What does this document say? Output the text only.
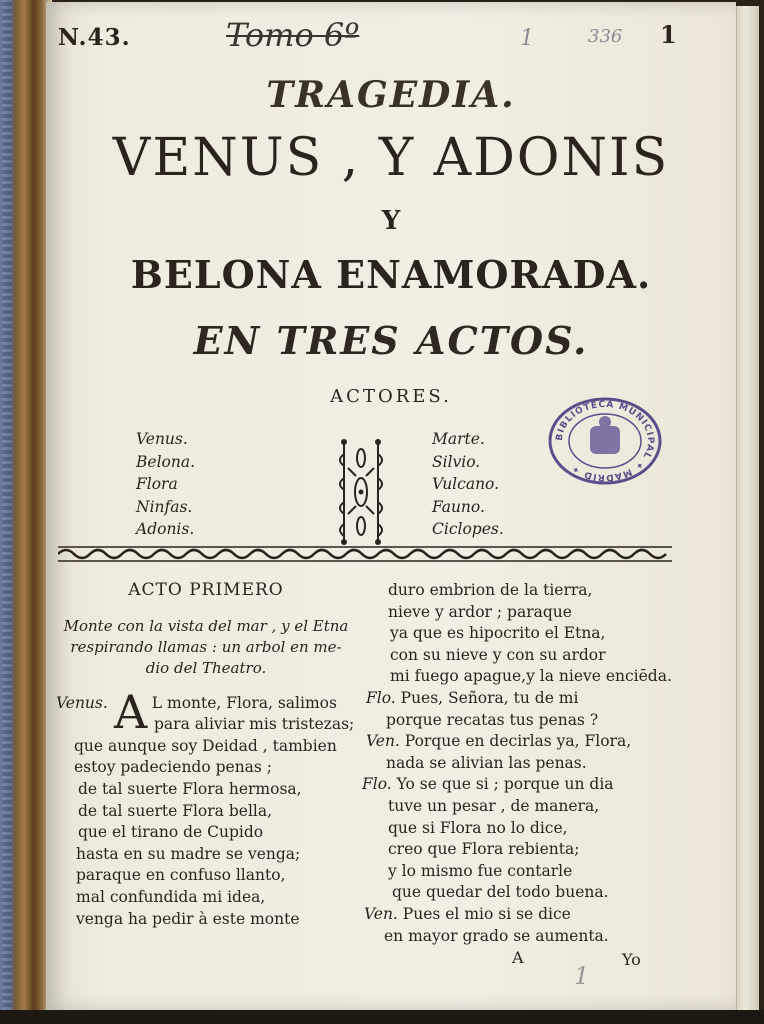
N.43.	Tomo 6º	1	336 1
TRAGEDIA.
VENUS , Y ADONIS
Y
BELONA ENAMORADA.
EN TRES ACTOS.
ACTORES.
Venus.
Belona.
Flora
Ninfas.
Adonis.
Marte.
Silvio.
Vulcano.
Fauno.
Ciclopes.
BIBLIOTECA MUNICIPAL ✦ MADRID ✦
ACTO PRIMERO
Monte con la vista del mar , y el Etna
respirando llamas : un arbol en me-
dio del Theatro.
A
Venus.	L monte, Flora, salimos
para aliviar mis tristezas;
que aunque soy Deidad , tambien
estoy padeciendo penas ;
de tal suerte Flora hermosa,
de tal suerte Flora bella,
que el tirano de Cupido
hasta en su madre se venga;
paraque en confuso llanto,
mal confundida mi idea,
venga ha pedir à este monte
duro embrion de la tierra,
nieve y ardor ; paraque
ya que es hipocrito el Etna,
con su nieve y con su ardor
mi fuego apague,y la nieve enciēda.
Flo. Pues, Señora, tu de mi
porque recatas tus penas ?
Ven. Porque en decirlas ya, Flora,
nada se alivian las penas.
Flo. Yo se que si ; porque un dia
tuve un pesar , de manera,
que si Flora no lo dice,
creo que Flora rebienta;
y lo mismo fue contarle
que quedar del todo buena.
Ven. Pues el mio si se dice
en mayor grado se aumenta.
A	Yo
1
